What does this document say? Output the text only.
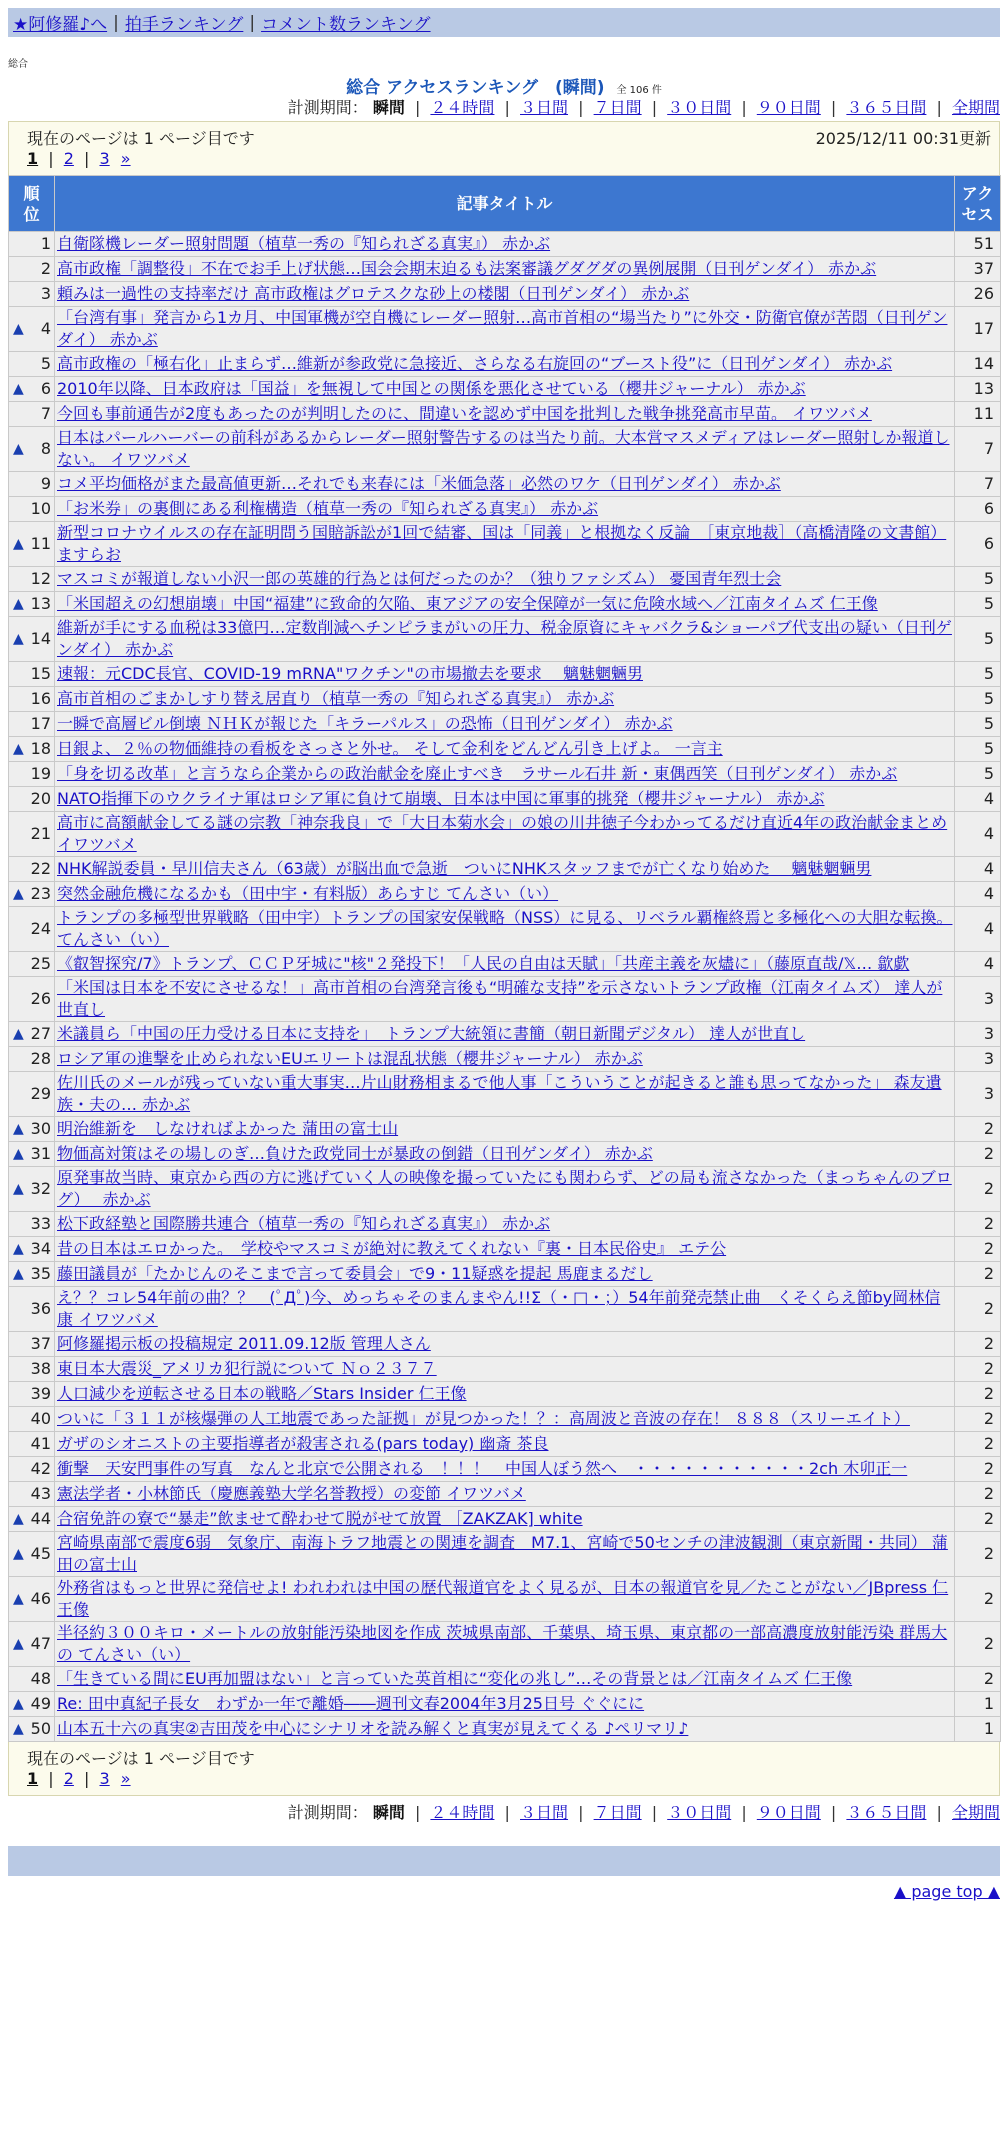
★阿修羅♪へ | 拍手ランキング | コメント数ランキング
総合
総合 アクセスランキング　(瞬間) 全 106 件
計測期間： 瞬間 | ２４時間 | ３日間 | ７日間 | ３０日間 | ９０日間 | ３６５日間 | 全期間
現在のページは 1 ページ目です	2025/12/11 00:31更新
1 | 2 | 3 »
順位	記事タイトル	アクセス
1	自衛隊機レーダー照射問題（植草一秀の『知られざる真実』） 赤かぶ	51
2	高市政権「調整役」不在でお手上げ状態…国会会期末迫るも法案審議グダグダの異例展開（日刊ゲンダイ） 赤かぶ	37
3	頼みは一過性の支持率だけ 高市政権はグロテスクな砂上の楼閣（日刊ゲンダイ） 赤かぶ	26

▲ 4	「台湾有事」発言から1カ月、中国軍機が空自機にレーダー照射…高市首相の“場当たり”に外交・防衛官僚が苦悶（日刊ゲンダイ） 赤かぶ	17
5	高市政権の「極右化」止まらず…維新が参政党に急接近、さらなる右旋回の“ブースト役”に（日刊ゲンダイ） 赤かぶ	14

▲ 6	2010年以降、日本政府は「国益」を無視して中国との関係を悪化させている（櫻井ジャーナル） 赤かぶ	13
7	今回も事前通告が2度もあったのが判明したのに、間違いを認めず中国を批判した戦争挑発高市早苗。 イワツバメ	11

▲ 8	日本はパールハーバーの前科があるからレーダー照射警告するのは当たり前。大本営マスメディアはレーダー照射しか報道しない。 イワツバメ	7
9	コメ平均価格がまた最高値更新…それでも来春には「米価急落」必然のワケ（日刊ゲンダイ） 赤かぶ	7
10	「お米券」の裏側にある利権構造（植草一秀の『知られざる真実』） 赤かぶ	6

▲ 11	新型コロナウイルスの存在証明問う国賠訴訟が1回で結審、国は「同義」と根拠なく反論　［東京地裁］（高橋清隆の文書館） ますらお	6
12	マスコミが報道しない小沢一郎の英雄的行為とは何だったのか？（独りファシズム） 憂国青年烈士会	5

▲ 13	「米国超えの幻想崩壊」中国“福建”に致命的欠陥、東アジアの安全保障が一気に危険水域へ／江南タイムズ 仁王像	5

▲ 14	維新が手にする血税は33億円…定数削減へチンピラまがいの圧力、税金原資にキャバクラ&ショーパブ代支出の疑い（日刊ゲンダイ） 赤かぶ	5
15	速報：元CDC長官、COVID-19 mRNA"ワクチン"の市場撤去を要求　 魑魅魍魎男	5
16	高市首相のごまかしすり替え居直り（植草一秀の『知られざる真実』） 赤かぶ	5
17	一瞬で高層ビル倒壊 ＮＨＫが報じた「キラーパルス」の恐怖（日刊ゲンダイ） 赤かぶ	5

▲ 18	日銀よ、２％の物価維持の看板をさっさと外せ。 そして金利をどんどん引き上げよ。 一言主	5
19	「身を切る改革」と言うなら企業からの政治献金を廃止すべき　ラサール石井 新・東偶西笑（日刊ゲンダイ） 赤かぶ	5
20	NATO指揮下のウクライナ軍はロシア軍に負けて崩壊、日本は中国に軍事的挑発（櫻井ジャーナル） 赤かぶ	4
21	高市に高額献金してる謎の宗教「神奈我良」で「大日本菊水会」の娘の川井徳子今わかってるだけ直近4年の政治献金まとめ イワツバメ	4
22	NHK解説委員・早川信夫さん（63歳）が脳出血で急逝　ついにNHKスタッフまでが亡くなり始めた　 魑魅魍魎男	4

▲ 23	突然金融危機になるかも（田中宇・有料版）あらすじ てんさい（い）	4
24	トランプの多極型世界戦略（田中宇）トランプの国家安保戦略（NSS）に見る、リベラル覇権終焉と多極化への大胆な転換。 てんさい（い）	4
25	《叡智探究/7》トランプ、ＣＣＰ牙城に"核"２発投下！「人民の自由は天賦」「共産主義を灰燼に」（藤原直哉/𝕏… 歙歔	4
26	「米国は日本を不安にさせるな！」高市首相の台湾発言後も“明確な支持”を示さないトランプ政権（江南タイムズ） 達人が世直し	3

▲ 27	米議員ら「中国の圧力受ける日本に支持を」　トランプ大統領に書簡（朝日新聞デジタル） 達人が世直し	3
28	ロシア軍の進撃を止められないEUエリートは混乱状態（櫻井ジャーナル） 赤かぶ	3
29	佐川氏のメールが残っていない重大事実…片山財務相まるで他人事「こういうことが起きると誰も思ってなかった」 森友遺族・夫の… 赤かぶ	3

▲ 30	明治維新を　しなければよかった 蒲田の富士山	2

▲ 31	物価高対策はその場しのぎ…負けた政党同士が暴政の倒錯（日刊ゲンダイ） 赤かぶ	2

▲ 32	原発事故当時、東京から西の方に逃げていく人の映像を撮っていたにも関わらず、どの局も流さなかった（まっちゃんのブログ）　 赤かぶ	2
33	松下政経塾と国際勝共連合（植草一秀の『知られざる真実』） 赤かぶ	2

▲ 34	昔の日本はエロかった。　学校やマスコミが絶対に教えてくれない『裏・日本民俗史』 エテ公	2

▲ 35	藤田議員が「たかじんのそこまで言って委員会」で9・11疑惑を提起 馬鹿まるだし	2
36	え？？コレ54年前の曲？？　(ﾟДﾟ)今、めっちゃそのまんまやん!!Σ（・□・；）54年前発売禁止曲　くそくらえ節by岡林信康 イワツバメ	2
37	阿修羅掲示板の投稿規定 2011.09.12版 管理人さん	2
38	東日本大震災_アメリカ犯行説について Ｎｏ２３７７	2
39	人口減少を逆転させる日本の戦略／Stars Insider 仁王像	2
40	ついに「３１１が核爆弾の人工地震であった証拠」が見つかった！？：高周波と音波の存在！ ８８８（スリーエイト）	2
41	ガザのシオニストの主要指導者が殺害される(pars today) 幽斎 茶良	2
42	衝撃　天安門事件の写真　なんと北京で公開される　！！！　中国人ぼう然へ　・・・・・・・・・・・2ch 木卯正一	2
43	憲法学者・小林節氏（慶應義塾大学名誉教授）の変節 イワツバメ	2

▲ 44	合宿免許の寮で“暴走”飲ませて酔わせて脱がせて放置 ［ZAKZAK] white	2

▲ 45	宮崎県南部で震度6弱　気象庁、南海トラフ地震との関連を調査　M7.1、宮崎で50センチの津波観測（東京新聞・共同） 蒲田の富士山	2

▲ 46	外務省はもっと世界に発信せよ! われわれは中国の歴代報道官をよく見るが、日本の報道官を見／たことがない／JBpress 仁王像	2

▲ 47	半径約３００キロ・メートルの放射能汚染地図を作成 茨城県南部、千葉県、埼玉県、東京都の一部高濃度放射能汚染 群馬大の てんさい（い）	2
48	「生きている間にEU再加盟はない」と言っていた英首相に“変化の兆し”…その背景とは／江南タイムズ 仁王像	2

▲ 49	Re: 田中真紀子長女　わずか一年で離婚――週刊文春2004年3月25日号 ぐぐにに	1

▲ 50	山本五十六の真実②吉田茂を中心にシナリオを読み解くと真実が見えてくる ♪ペリマリ♪	1
現在のページは 1 ページ目です
1 | 2 | 3 »
計測期間： 瞬間 | ２４時間 | ３日間 | ７日間 | ３０日間 | ９０日間 | ３６５日間 | 全期間
▲ page top ▲
